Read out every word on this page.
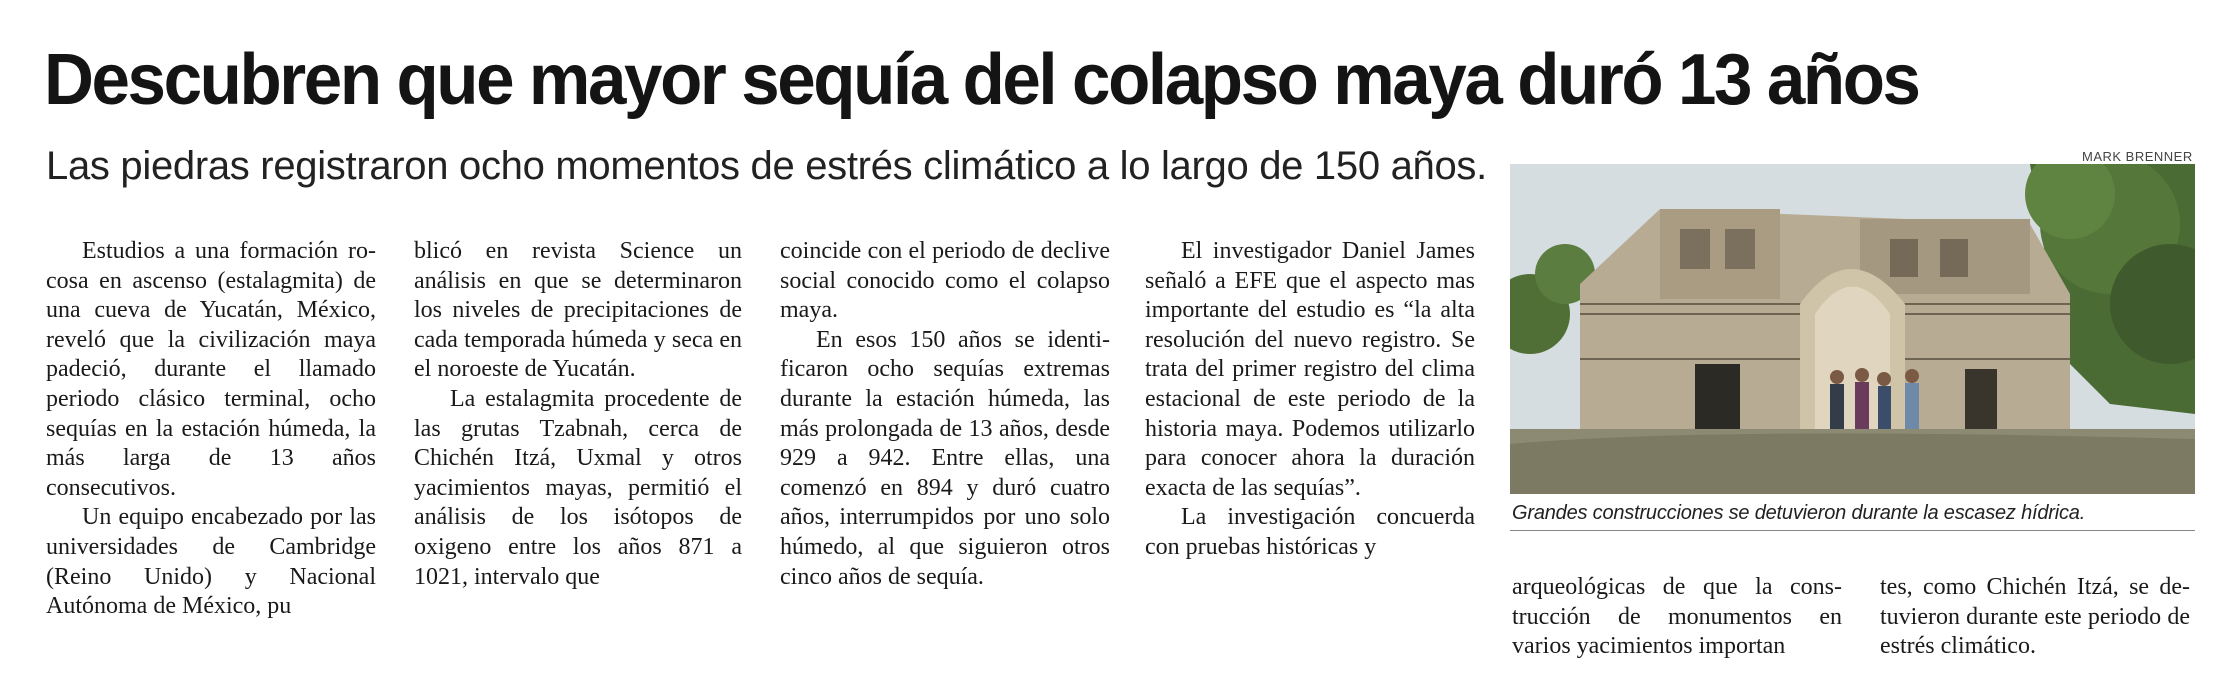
Descubren que mayor sequía del colapso maya duró 13 años
Las piedras registraron ocho momentos de estrés climático a lo largo de 150 años.

Estudios a una formación rocosa en ascenso (estalagmita) de una cueva de Yucatán, México, reveló que la civilización maya padeció, durante el llamado periodo clásico terminal, ocho sequías en la estación húmeda, la más larga de 13 años consecutivos.

Un equipo encabezado por las universidades de Cambridge (Reino Unido) y Nacional Autónoma de México, pu

blicó en revista Science un análisis en que se determinaron los niveles de precipitaciones de cada temporada húmeda y seca en el noroeste de Yucatán.

La estalagmita procedente de las grutas Tzabnah, cerca de Chichén Itzá, Uxmal y otros yacimientos mayas, permitió el análisis de los isótopos de oxigeno entre los años 871 a 1021, intervalo que

coincide con el periodo de declive social conocido como el colapso maya.

En esos 150 años se identificaron ocho sequías extremas durante la estación húmeda, las más prolongada de 13 años, desde 929 a 942. Entre ellas, una comenzó en 894 y duró cuatro años, interrumpidos por uno solo húmedo, al que siguieron otros cinco años de sequía.

El investigador Daniel James señaló a EFE que el aspecto mas importante del estudio es “la alta resolución del nuevo registro. Se trata del primer registro del clima estacional de este periodo de la historia maya. Podemos utilizarlo para conocer ahora la duración exacta de las sequías”.

La investigación concuerda con pruebas históricas y

arqueológicas de que la construcción de monumentos en varios yacimientos importan

tes, como Chichén Itzá, se detuvieron durante este periodo de estrés climático.

MARK BRENNER
Grandes construcciones se detuvieron durante la escasez hídrica.
